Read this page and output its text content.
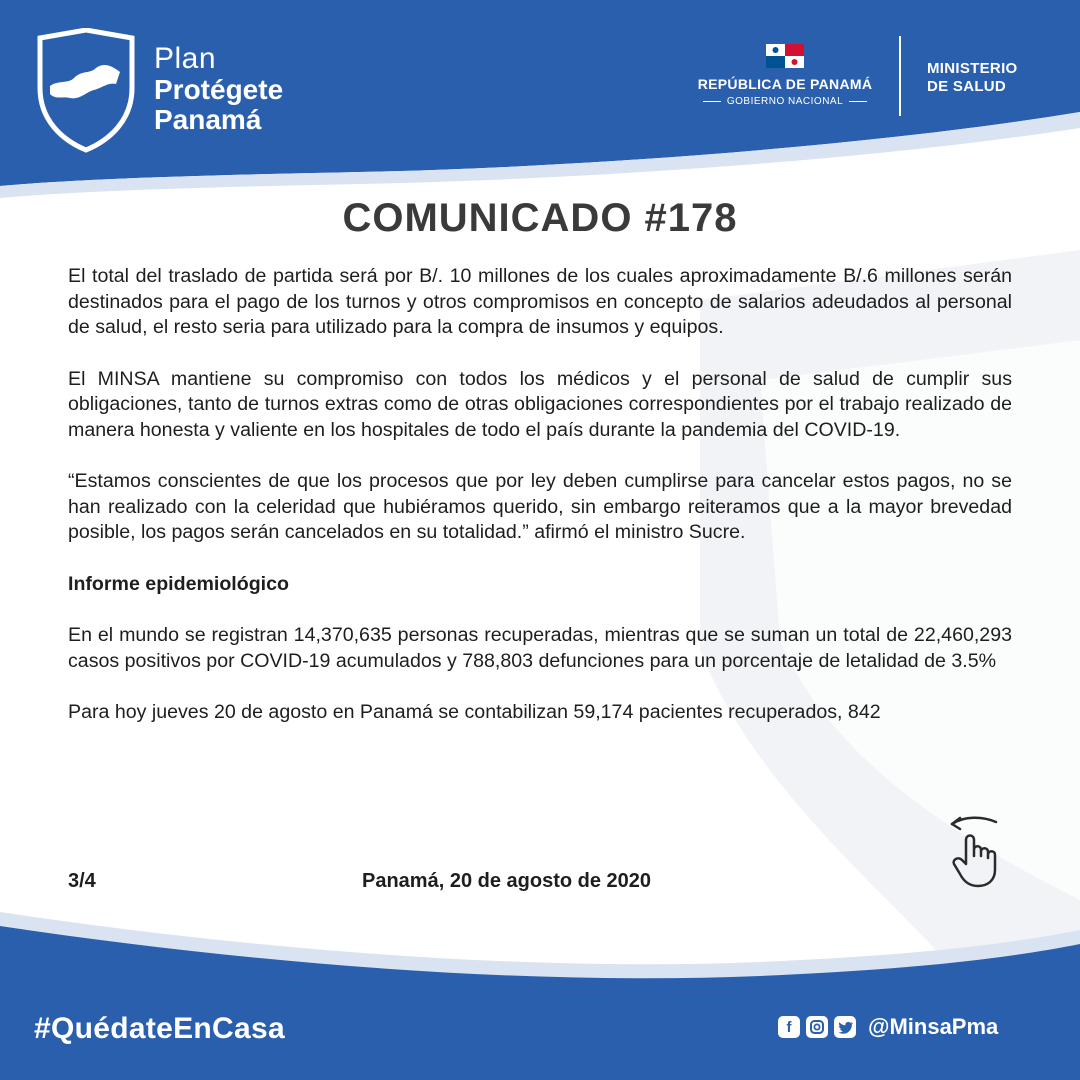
Plan
Protégete
Panamá
REPÚBLICA DE PANAMÁ
GOBIERNO NACIONAL
MINISTERIO
DE SALUD
COMUNICADO #178

El total del traslado de partida será por B/. 10 millones de los cuales aproximadamente B/.6 millones serán destinados para el pago de los turnos y otros compromisos en concepto de salarios adeudados al personal de salud, el resto seria para utilizado para la compra de insumos y equipos.

El MINSA mantiene su compromiso con todos los médicos y el personal de salud de cumplir sus obligaciones, tanto de turnos extras como de otras obligaciones correspondientes por el trabajo realizado de manera honesta y valiente en los hospitales de todo el país durante la pandemia del COVID-19.

“Estamos conscientes de que los procesos que por ley deben cumplirse para cancelar estos pagos, no se han realizado con la celeridad que hubiéramos querido, sin embargo reiteramos que a la mayor brevedad posible, los pagos serán cancelados en su totalidad.” afirmó el ministro Sucre.

Informe epidemiológico

En el mundo se registran 14,370,635 personas recuperadas, mientras que se suman un total de 22,460,293 casos positivos por COVID-19 acumulados y 788,803 defunciones para un porcentaje de letalidad de 3.5%

Para hoy jueves 20 de agosto en Panamá se contabilizan 59,174 pacientes recuperados, 842

3/4	Panamá, 20 de agosto de 2020
#QuédateEnCasa	f	@MinsaPma
